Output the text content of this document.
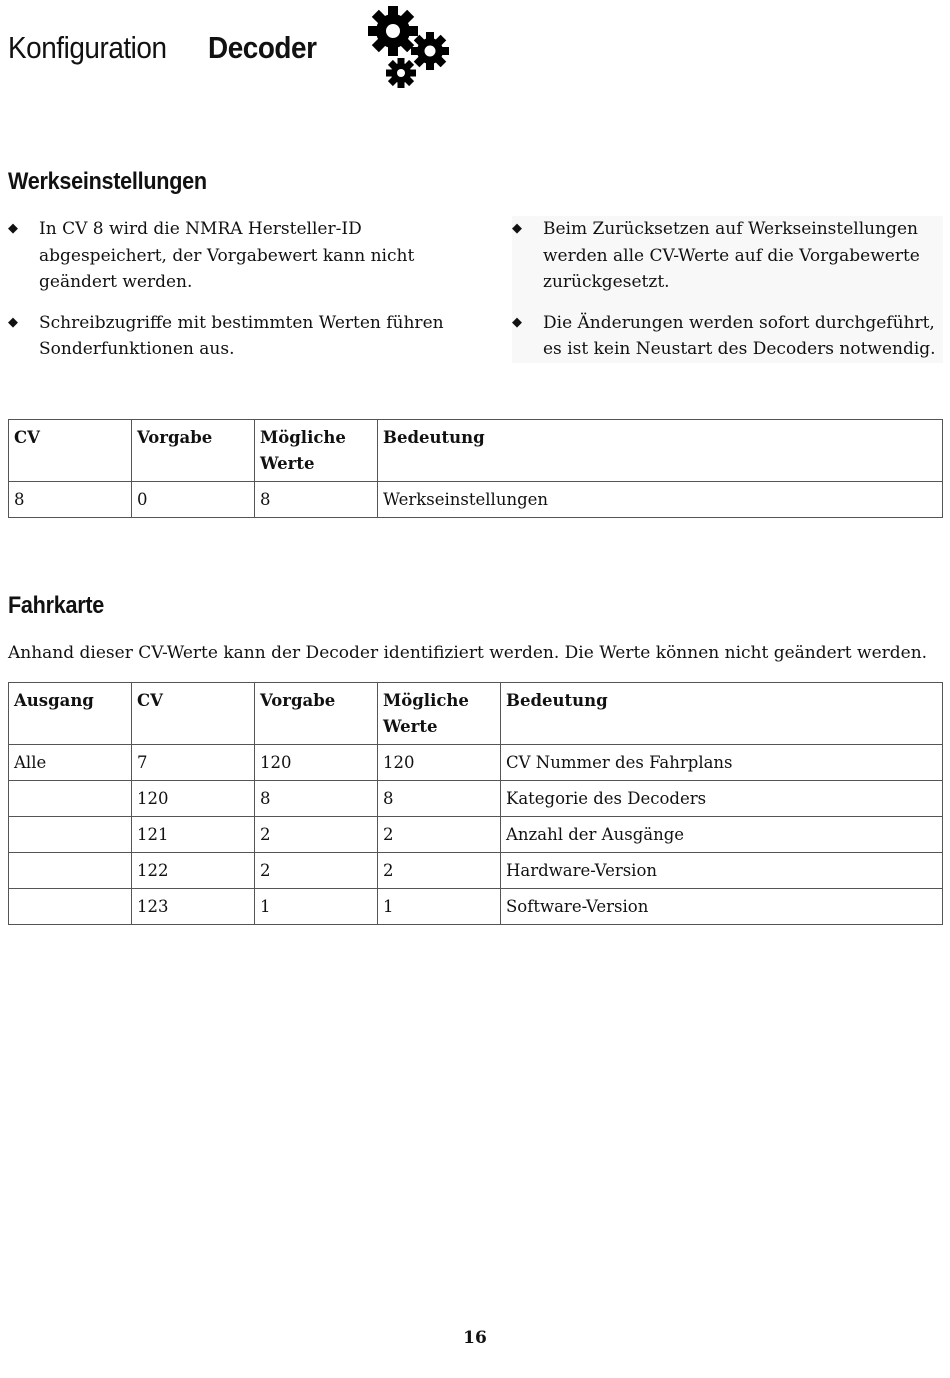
Konfiguration Decoder
Werkseinstellungen
◆ In CV 8 wird die NMRA Hersteller-ID abgespeichert, der Vorgabewert kann nicht geändert werden.
◆ Schreibzugriffe mit bestimmten Werten führen Sonderfunktionen aus.
◆ Beim Zurücksetzen auf Werkseinstellungen werden alle CV-Werte auf die Vorgabewerte zurückgesetzt.
◆ Die Änderungen werden sofort durchgeführt, es ist kein Neustart des Decoders notwendig.
CV	Vorgabe	Mögliche Werte	Bedeutung
8	0	8	Werkseinstellungen
Fahrkarte
Anhand dieser CV-Werte kann der Decoder identifiziert werden. Die Werte können nicht geändert werden.
Ausgang	CV	Vorgabe	Mögliche Werte	Bedeutung
Alle	7	120	120	CV Nummer des Fahrplans
	120	8	8	Kategorie des Decoders
	121	2	2	Anzahl der Ausgänge
	122	2	2	Hardware-Version
	123	1	1	Software-Version
16
